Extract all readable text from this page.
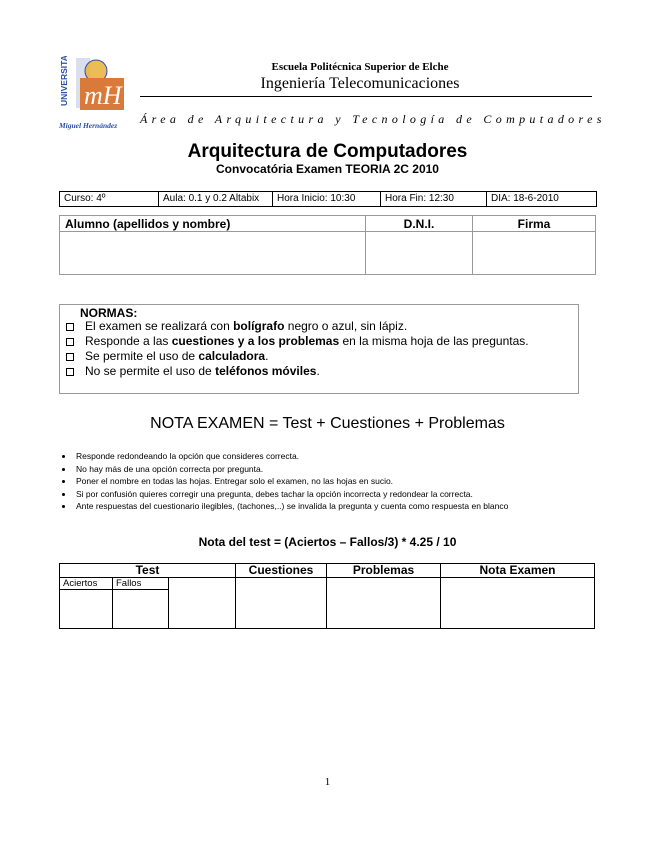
UNIVERSITAS mH
Miguel Hernández
Escuela Politécnica Superior de Elche
Ingeniería Telecomunicaciones
Área de Arquitectura y Tecnología de Computadores
Arquitectura de Computadores
Convocatória Examen TEORIA 2C 2010
Curso: 4º	Aula: 0.1 y 0.2 Altabix	Hora Inicio: 10:30	Hora Fin: 12:30	DIA: 18-6-2010
Alumno (apellidos y nombre)	D.N.I.	Firma

NORMAS:
El examen se realizará con
bolígrafo
negro o azul, sin lápiz.
Responde a las
cuestiones y a los problemas
en la misma hoja de las preguntas.
Se permite el uso de
calculadora .
No se permite el uso de
teléfonos móviles .
NOTA EXAMEN = Test + Cuestiones + Problemas
Responde redondeando la opción que consideres correcta.
No hay más de una opción correcta por pregunta.
Poner el nombre en todas las hojas. Entregar solo el examen, no las hojas en sucio.
Si por confusión quieres corregir una pregunta, debes tachar la opción incorrecta y redondear la correcta.
Ante respuestas del cuestionario ilegibles, (tachones,..) se invalida la pregunta y cuenta como respuesta en blanco
Nota del test = (Aciertos – Fallos/3) * 4.25 / 10
Test			Cuestiones	Problemas	Nota Examen
Aciertos	Fallos				

1
